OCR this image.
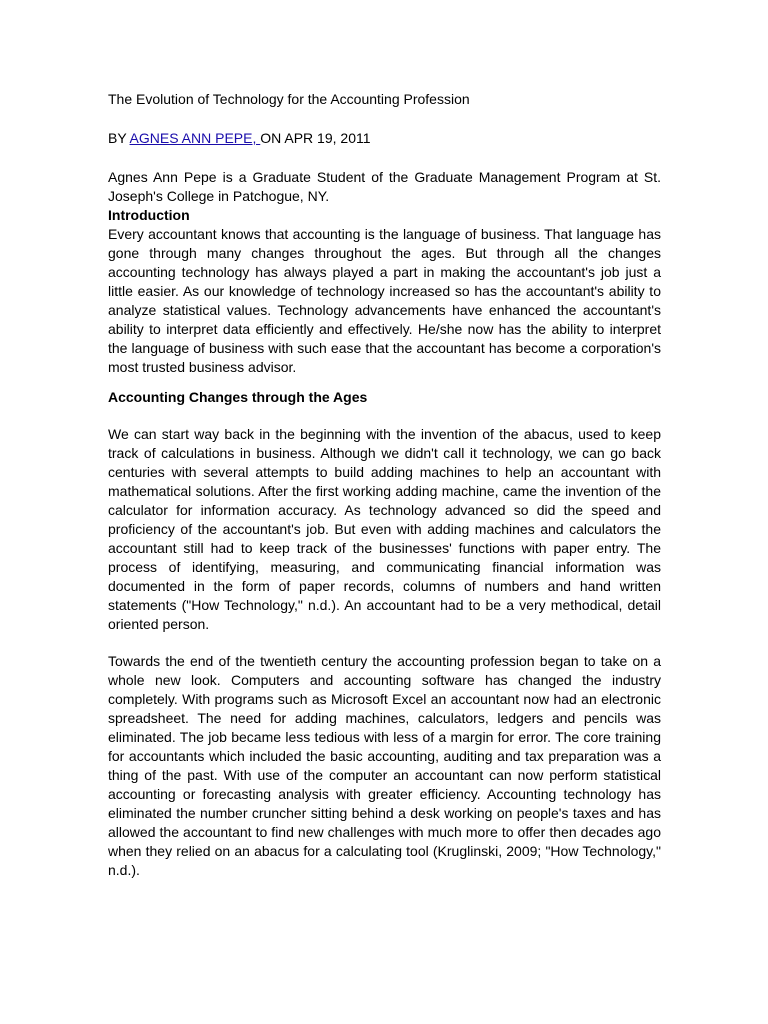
The Evolution of Technology for the Accounting Profession

BY AGNES ANN PEPE, ON APR 19, 2011

Agnes Ann Pepe is a Graduate Student of the Graduate Management Program at St. Joseph's College in Patchogue, NY.

Introduction

Every accountant knows that accounting is the language of business. That language has gone through many changes throughout the ages. But through all the changes accounting technology has always played a part in making the accountant's job just a little easier. As our knowledge of technology increased so has the accountant's ability to analyze statistical values. Technology advancements have enhanced the accountant's ability to interpret data efficiently and effectively. He/she now has the ability to interpret the language of business with such ease that the accountant has become a corporation's most trusted business advisor.

Accounting Changes through the Ages

We can start way back in the beginning with the invention of the abacus, used to keep track of calculations in business. Although we didn't call it technology, we can go back centuries with several attempts to build adding machines to help an accountant with mathematical solutions. After the first working adding machine, came the invention of the calculator for information accuracy. As technology advanced so did the speed and proficiency of the accountant's job. But even with adding machines and calculators the accountant still had to keep track of the businesses' functions with paper entry. The process of identifying, measuring, and communicating financial information was documented in the form of paper records, columns of numbers and hand written statements ("How Technology," n.d.). An accountant had to be a very methodical, detail oriented person.

Towards the end of the twentieth century the accounting profession began to take on a whole new look. Computers and accounting software has changed the industry completely. With programs such as Microsoft Excel an accountant now had an electronic spreadsheet. The need for adding machines, calculators, ledgers and pencils was eliminated. The job became less tedious with less of a margin for error. The core training for accountants which included the basic accounting, auditing and tax preparation was a thing of the past. With use of the computer an accountant can now perform statistical accounting or forecasting analysis with greater efficiency. Accounting technology has eliminated the number cruncher sitting behind a desk working on people's taxes and has allowed the accountant to find new challenges with much more to offer then decades ago when they relied on an abacus for a calculating tool (Kruglinski, 2009; "How Technology," n.d.).
